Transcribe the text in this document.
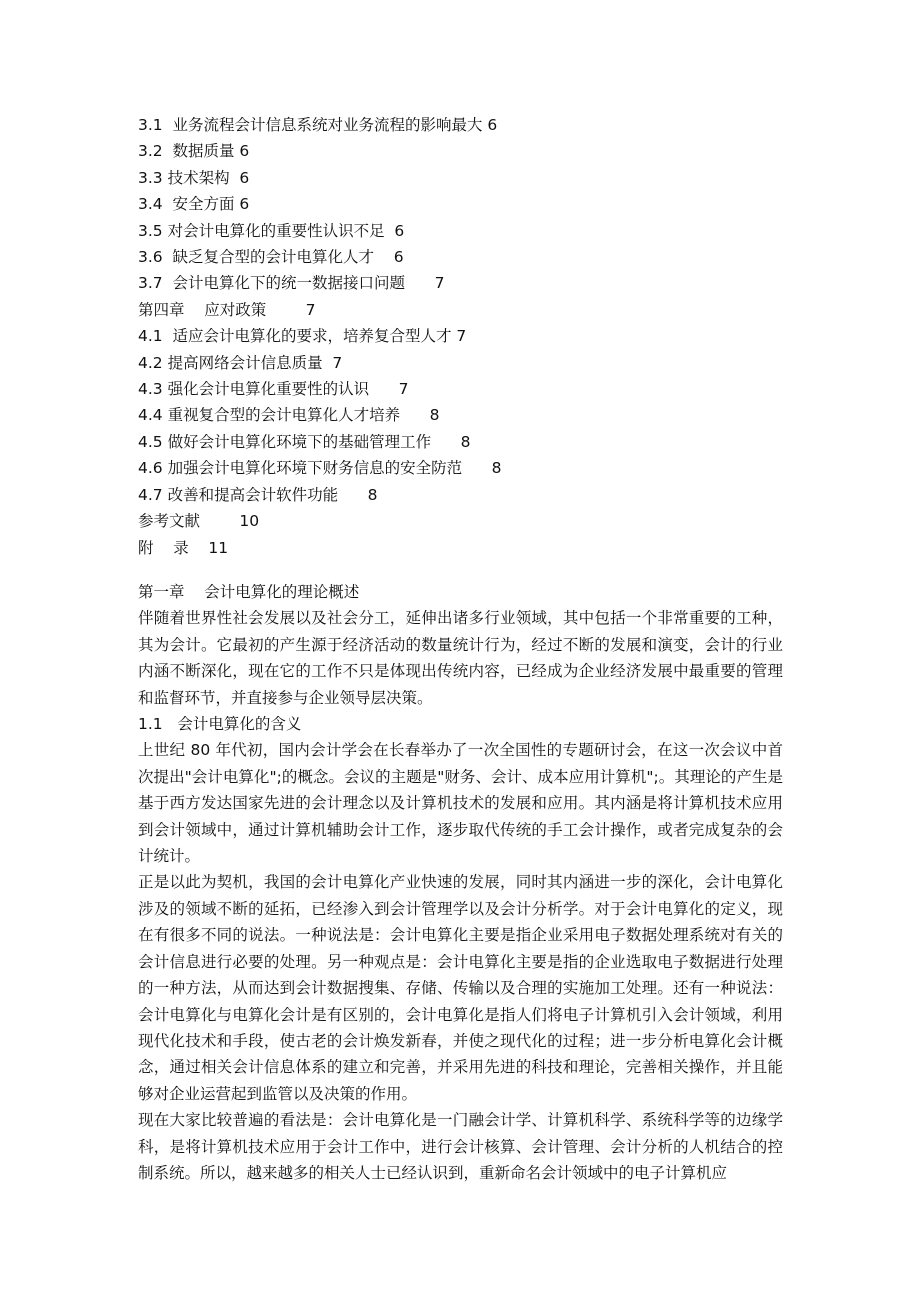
3.1  业务流程会计信息系统对业务流程的影响最大 6
3.2  数据质量 6
3.3 技术架构  6
3.4  安全方面 6
3.5 对会计电算化的重要性认识不足  6
3.6  缺乏复合型的会计电算化人才    6
3.7  会计电算化下的统一数据接口问题      7
第四章    应对政策        7
4.1  适应会计电算化的要求，培养复合型人才 7
4.2 提高网络会计信息质量  7
4.3 强化会计电算化重要性的认识      7
4.4 重视复合型的会计电算化人才培养      8
4.5 做好会计电算化环境下的基础管理工作      8
4.6 加强会计电算化环境下财务信息的安全防范      8
4.7 改善和提高会计软件功能      8
参考文献        10
附    录    11
第一章    会计电算化的理论概述

伴随着世界性社会发展以及社会分工，延伸出诸多行业领域，其中包括一个非常重要的工种，其为会计。它最初的产生源于经济活动的数量统计行为，经过不断的发展和演变，会计的行业内涵不断深化，现在它的工作不只是体现出传统内容，已经成为企业经济发展中最重要的管理和监督环节，并直接参与企业领导层决策。

1.1   会计电算化的含义

上世纪 80 年代初，国内会计学会在长春举办了一次全国性的专题研讨会，在这一次会议中首次提出"会计电算化";的概念。会议的主题是"财务、会计、成本应用计算机";。其理论的产生是基于西方发达国家先进的会计理念以及计算机技术的发展和应用。其内涵是将计算机技术应用到会计领域中，通过计算机辅助会计工作，逐步取代传统的手工会计操作，或者完成复杂的会计统计。

正是以此为契机，我国的会计电算化产业快速的发展，同时其内涵进一步的深化，会计电算化涉及的领域不断的延拓，已经渗入到会计管理学以及会计分析学。对于会计电算化的定义，现在有很多不同的说法。一种说法是：会计电算化主要是指企业采用电子数据处理系统对有关的会计信息进行必要的处理。另一种观点是：会计电算化主要是指的企业选取电子数据进行处理的一种方法，从而达到会计数据搜集、存储、传输以及合理的实施加工处理。还有一种说法：会计电算化与电算化会计是有区别的，会计电算化是指人们将电子计算机引入会计领域，利用现代化技术和手段，使古老的会计焕发新春，并使之现代化的过程；进一步分析电算化会计概念，通过相关会计信息体系的建立和完善，并采用先进的科技和理论，完善相关操作，并且能够对企业运营起到监管以及决策的作用。

现在大家比较普遍的看法是：会计电算化是一门融会计学、计算机科学、系统科学等的边缘学科，是将计算机技术应用于会计工作中，进行会计核算、会计管理、会计分析的人机结合的控制系统。所以，越来越多的相关人士已经认识到，重新命名会计领域中的电子计算机应
